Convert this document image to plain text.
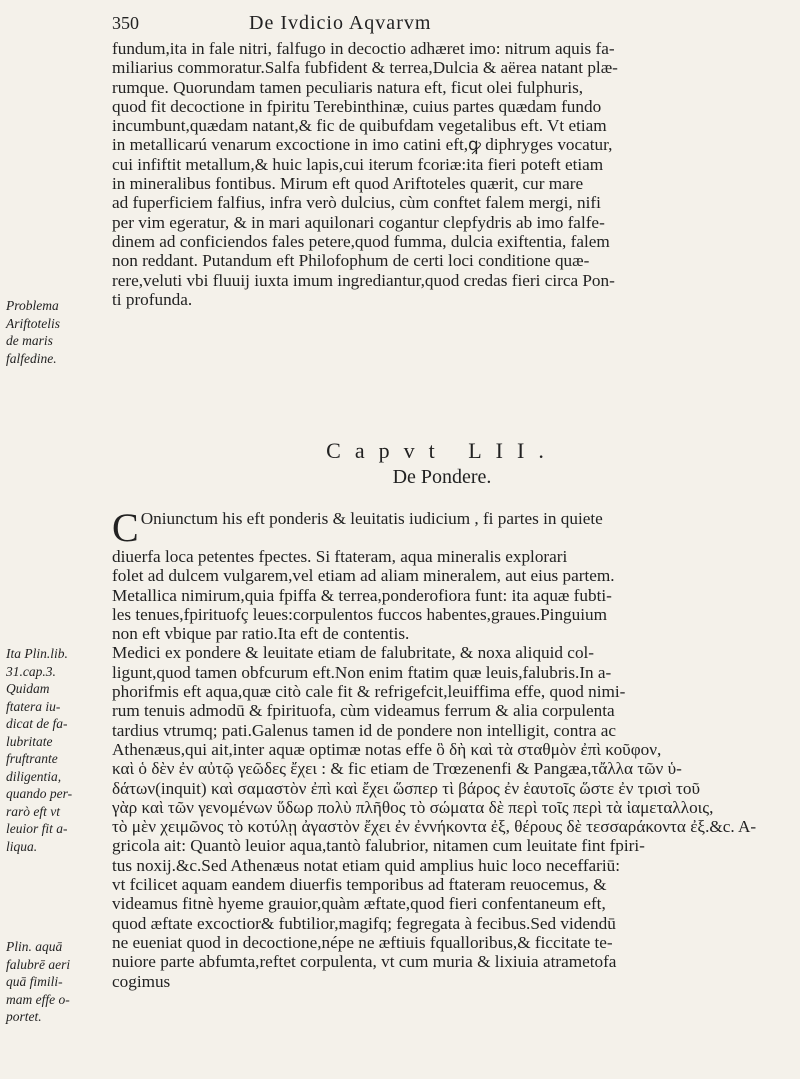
350	De Ivdicio Aqvarvm
fundum,ita in fale nitri, falfugo in decoctio adhæret imo: nitrum aquis fa-
miliarius commoratur.Salfa fubfident & terrea,Dulcia & aërea natant plæ-
rumque. Quorundam tamen peculiaris natura eft, ficut olei fulphuris,
quod fit decoctione in fpiritu Terebinthinæ, cuius partes quædam fundo
incumbunt,quædam natant,& fic de quibufdam vegetalibus eft. Vt etiam
in metallicarú venarum excoctione in imo catini eft,ꝙ diphryges vocatur,
cui infiftit metallum,& huic lapis,cui iterum fcoriæ:ita fieri poteft etiam
in mineralibus fontibus. Mirum eft quod Ariftoteles quærit, cur mare
ad fuperficiem falfius, infra verò dulcius, cùm conftet falem mergi, nifi
per vim egeratur, & in mari aquilonari cogantur clepfydris ab imo falfe-
dinem ad conficiendos fales petere,quod fumma, dulcia exiftentia, falem
non reddant. Putandum eft Philofophum de certi loci conditione quæ-
rere,veluti vbi fluuij iuxta imum ingrediantur,quod credas fieri circa Pon-
ti profunda.
Capvt LII.
De Pondere.
C Oniunctum his eft ponderis & leuitatis iudicium , fi partes in quiete
diuerfa loca petentes fpectes. Si ftateram, aqua mineralis explorari
folet ad dulcem vulgarem,vel etiam ad aliam mineralem, aut eius partem.
Metallica nimirum,quia fpiffa & terrea,ponderofiora funt: ita aquæ fubti-
les tenues,fpirituofç leues:corpulentos fuccos habentes,graues.Pinguium
non eft vbique par ratio.Ita eft de contentis.
Medici ex pondere & leuitate etiam de falubritate, & noxa aliquid col-
ligunt,quod tamen obfcurum eft.Non enim ftatim quæ leuis,falubris.In a-
phorifmis eft aqua,quæ citò cale fit & refrigefcit,leuiffima effe, quod nimi-
rum tenuis admodū & fpirituofa, cùm videamus ferrum & alia corpulenta
tardius vtrumq; pati.Galenus tamen id de pondere non intelligit, contra ac
Athenæus,qui ait,inter aquæ optimæ notas effe ὃ δὴ καὶ τὰ σταθμὸν ἐπὶ κοῦφον,
καὶ ὁ δὲν ἐν αὐτῷ γεῶδες ἔχει : & fic etiam de Trœzenenfi & Pangæa,τἄλλα τῶν ὑ-
δάτων(inquit) καὶ σαμαστὸν ἐπὶ καὶ ἔχει ὥσπερ τὶ βάρος ἐν ἑαυτοῖς ὥστε ἐν τρισὶ τοῦ
γὰρ καὶ τῶν γενομένων ὕδωρ πολὺ πλῆθος τὸ σώματα δὲ περὶ τοῖς περὶ τὰ ἰαμεταλλοις,
τὸ μὲν χειμῶνος τὸ κοτύλῃ ἀγαστὸν ἔχει ἐν ἐννήκοντα ἐξ, θέρους δὲ τεσσαράκοντα ἐξ.&c. A-
gricola ait: Quantò leuior aqua,tantò falubrior, nitamen cum leuitate fint fpiri-
tus noxij.&c.Sed Athenæus notat etiam quid amplius huic loco neceffariū:
vt fcilicet aquam eandem diuerfis temporibus ad ftateram reuocemus, &
videamus fitnè hyeme grauior,quàm æftate,quod fieri confentaneum eft,
quod æftate excoctior& fubtilior,magifq; fegregata à fecibus.Sed videndū
ne eueniat quod in decoctione,népe ne æftiuis fqualloribus,& ficcitate te-
nuiore parte abfumta,reftet corpulenta, vt cum muria & lixiuia atrametofa
cogimus
Problema
Ariftotelis
de maris
falfedine.
Ita Plin.lib.
31.cap.3.
Quidam
ftatera iu-
dicat de fa-
lubritate
fruftrante
diligentia,
quando per-
rarò eft vt
leuior fit a-
liqua.
Plin. aquā
falubrē aeri
quā fimili-
mam effe o-
portet.
